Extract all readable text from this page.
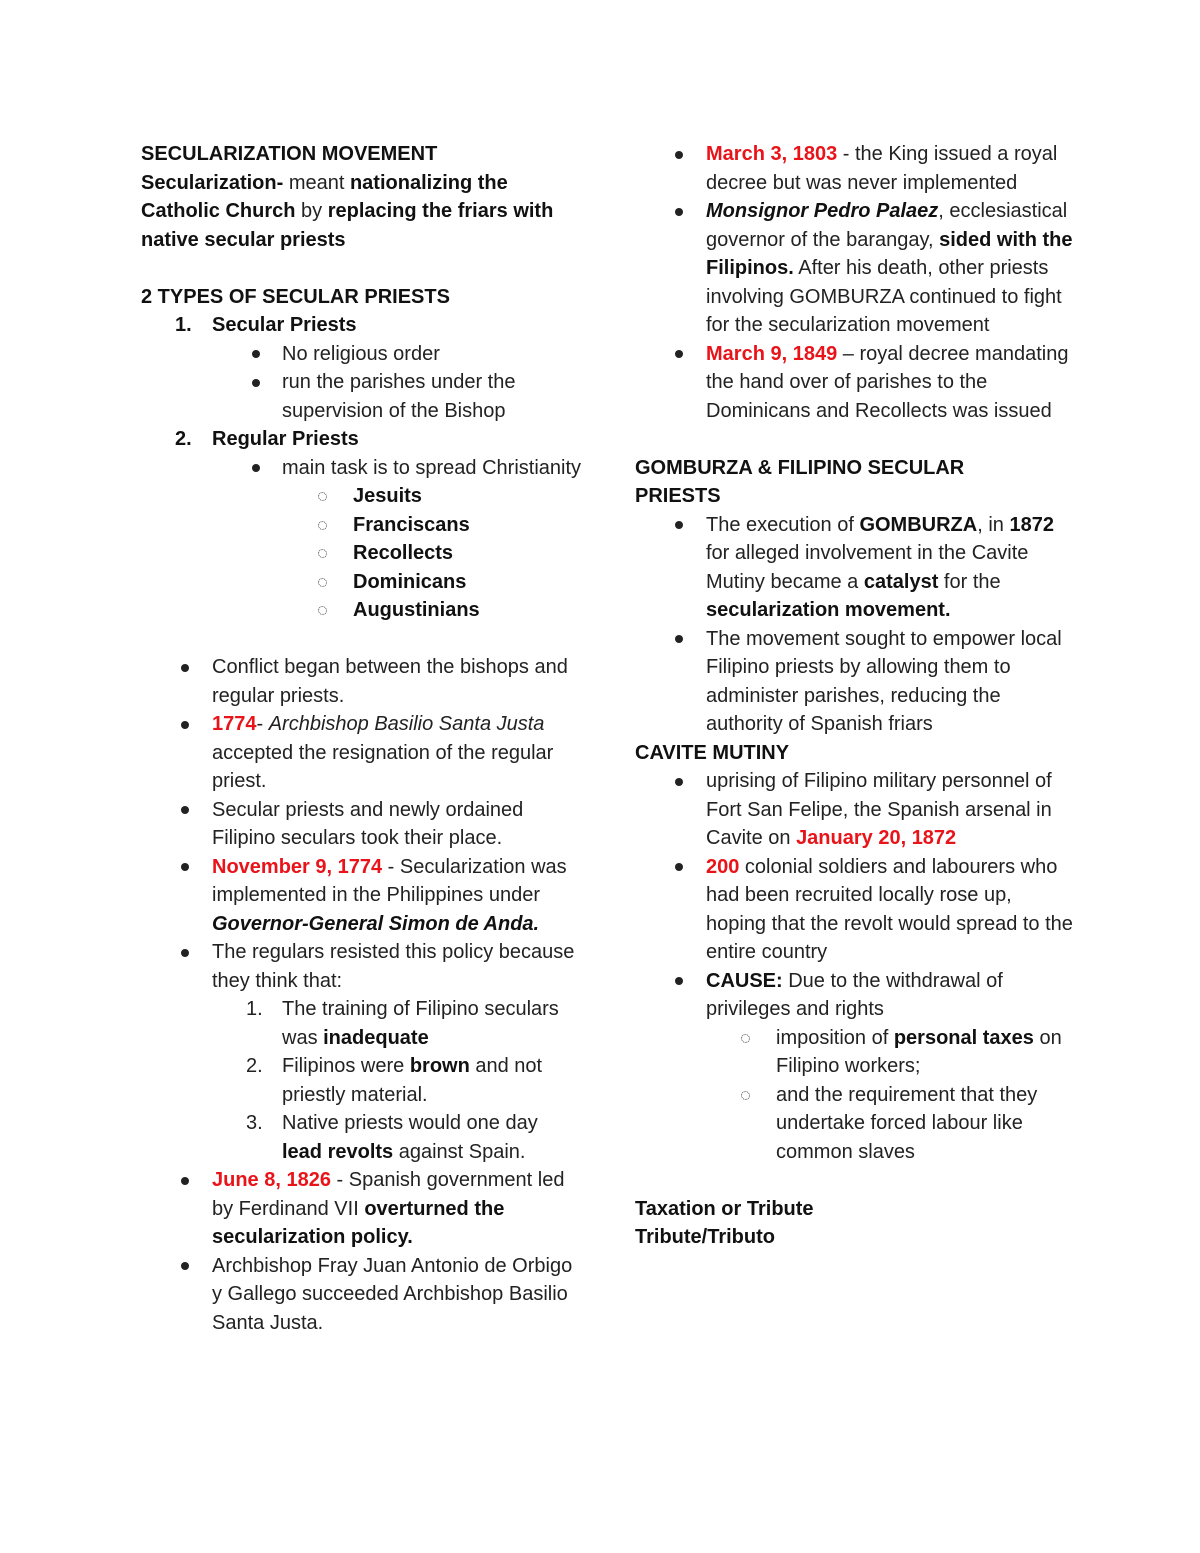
SECULARIZATION MOVEMENT
Secularization- meant nationalizing the Catholic Church by replacing the friars with native secular priests
2 TYPES OF SECULAR PRIESTS
1. Secular Priests
No religious order
run the parishes under the supervision of the Bishop
2. Regular Priests
main task is to spread Christianity
Jesuits
Franciscans
Recollects
Dominicans
Augustinians
Conflict began between the bishops and regular priests.
1774- Archbishop Basilio Santa Justa accepted the resignation of the regular priest.
Secular priests and newly ordained Filipino seculars took their place.
November 9, 1774 - Secularization was implemented in the Philippines under Governor-General Simon de Anda.
The regulars resisted this policy because they think that:
1. The training of Filipino seculars was inadequate
2. Filipinos were brown and not priestly material.
3. Native priests would one day lead revolts against Spain.
June 8, 1826 - Spanish government led by Ferdinand VII overturned the secularization policy.
Archbishop Fray Juan Antonio de Orbigo y Gallego succeeded Archbishop Basilio Santa Justa.
March 3, 1803 - the King issued a royal decree but was never implemented
Monsignor Pedro Palaez, ecclesiastical governor of the barangay, sided with the Filipinos. After his death, other priests involving GOMBURZA continued to fight for the secularization movement
March 9, 1849 – royal decree mandating the hand over of parishes to the Dominicans and Recollects was issued
GOMBURZA & FILIPINO SECULAR PRIESTS
The execution of GOMBURZA, in 1872 for alleged involvement in the Cavite Mutiny became a catalyst for the secularization movement.
The movement sought to empower local Filipino priests by allowing them to administer parishes, reducing the authority of Spanish friars
CAVITE MUTINY
uprising of Filipino military personnel of Fort San Felipe, the Spanish arsenal in Cavite on January 20, 1872
200 colonial soldiers and labourers who had been recruited locally rose up, hoping that the revolt would spread to the entire country
CAUSE: Due to the withdrawal of privileges and rights
imposition of personal taxes on Filipino workers;
and the requirement that they undertake forced labour like common slaves
Taxation or Tribute
Tribute/Tributo
